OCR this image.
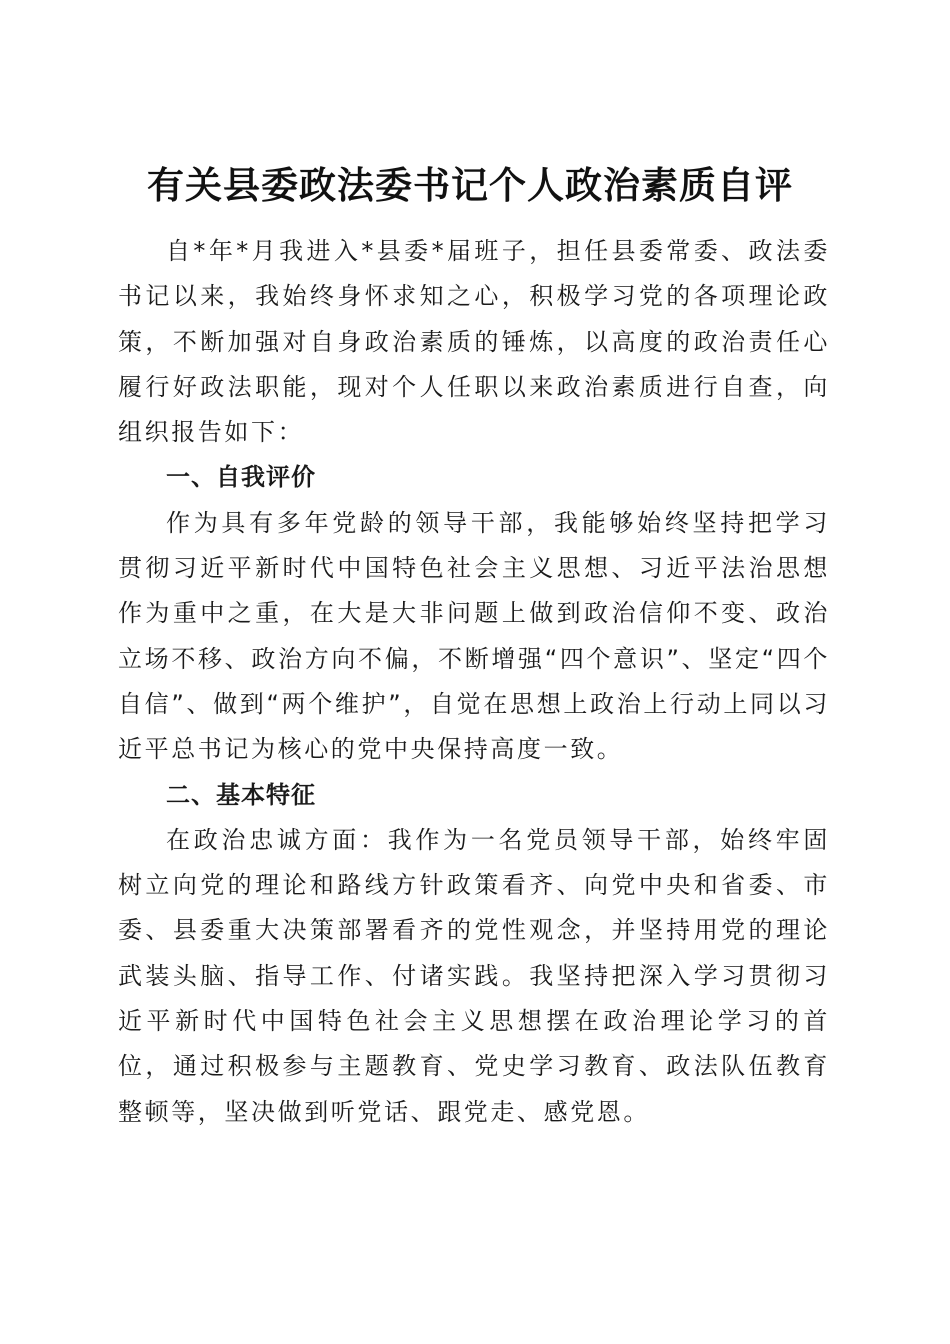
有关县委政法委书记个人政治素质自评

自*年*月我进入*县委*届班子，担任县委常委、政法委书记以来，我始终身怀求知之心，积极学习党的各项理论政策，不断加强对自身政治素质的锤炼，以高度的政治责任心履行好政法职能，现对个人任职以来政治素质进行自查，向组织报告如下：

一、自我评价

作为具有多年党龄的领导干部，我能够始终坚持把学习贯彻习近平新时代中国特色社会主义思想、习近平法治思想作为重中之重，在大是大非问题上做到政治信仰不变、政治立场不移、政治方向不偏，不断增强“四个意识”、坚定“四个自信”、做到“两个维护”，自觉在思想上政治上行动上同以习近平总书记为核心的党中央保持高度一致。

二、基本特征

在政治忠诚方面：我作为一名党员领导干部，始终牢固树立向党的理论和路线方针政策看齐、向党中央和省委、市委、县委重大决策部署看齐的党性观念，并坚持用党的理论武装头脑、指导工作、付诸实践。我坚持把深入学习贯彻习近平新时代中国特色社会主义思想摆在政治理论学习的首位，通过积极参与主题教育、党史学习教育、政法队伍教育整顿等，坚决做到听党话、跟党走、感党恩。
